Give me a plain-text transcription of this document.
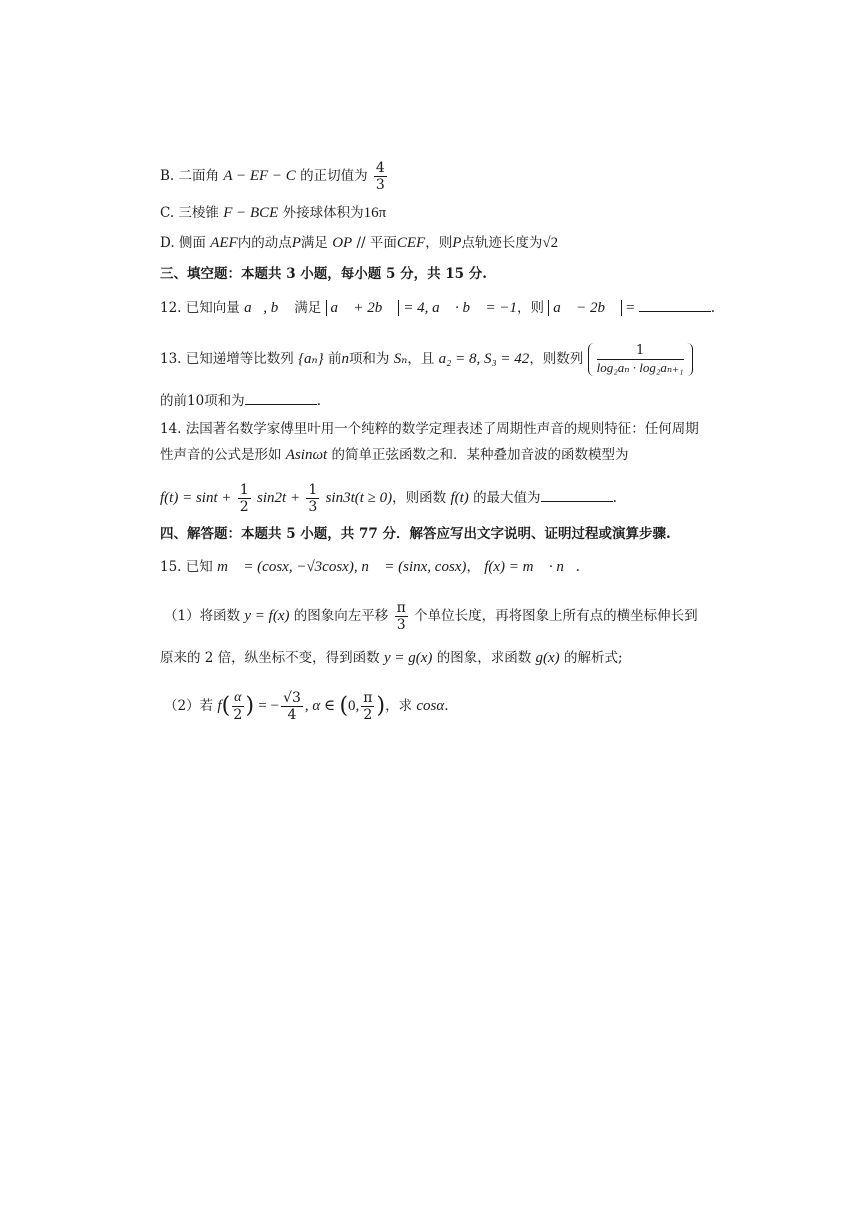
B. 二面角 A − EF − C 的正切值为 $\frac{4}{3}$
C. 三棱锥 F − BCE 外接球体积为16π
D. 侧面 AEF内的动点P满足 OP // 平面CEF，则P点轨迹长度为√2
三、填空题：本题共 3 小题，每小题 5 分，共 15 分.
12. 已知向量 a⃗, b⃗ 满足 a⃗ + 2b⃗ = 4, a⃗ · b⃗ = −1，则 a⃗ − 2b⃗ =	.
13. 已知递增等比数列 {aₙ} 前n项和为 Sₙ，且 a₂ = 8, S₃ = 42，则数列 $\frac{1}{\text{log₂aₙ · log₂aₙ₊₁}}$
的前10项和为	.
14. 法国著名数学家傅里叶用一个纯粹的数学定理表述了周期性声音的规则特征：任何周期
性声音的公式是形如 Asinωt 的简单正弦函数之和．某种叠加音波的函数模型为
$f(t) = \sin t + \frac{1}{2} \sin 2t + \frac{1}{3} \sin 3t(t \ge 0)$，则函数 f(t) 的最大值为	.
四、解答题：本题共 5 小题，共 77 分．解答应写出文字说明、证明过程或演算步骤.
15. 已知 m⃗ = (cosx, −√3cosx), n⃗ = (sinx, cosx)， f(x) = m⃗ · n⃗.
（1）将函数 y = f(x) 的图象向左平移 $\frac{\pi}{3}$ 个单位长度，再将图象上所有点的横坐标伸长到
原来的 2 倍，纵坐标不变，得到函数 y = g(x) 的图象，求函数 g(x) 的解析式;
（2）若 $f( \frac{\alpha}{2}$ ) = − $\frac{√3}{4}$ , α ∈ (0, $\frac{\pi}{2}$ )，求 cosα.
